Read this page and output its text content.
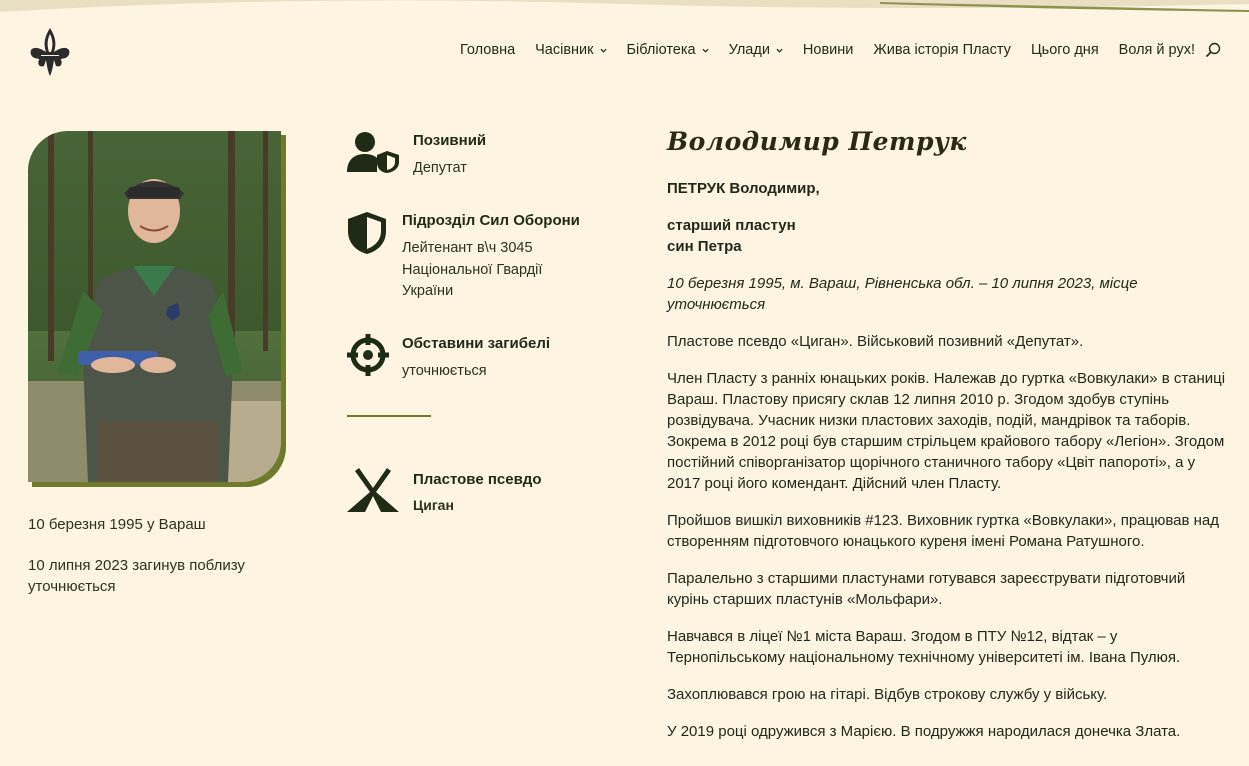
Головна Часівник Бібліотека Улади Новини Жива історія Пласту Цього дня Воля й рух!

10 березня 1995 у Вараш

10 липня 2023 загинув поблизу уточнюється

Позивний
Депутат
Підрозділ Сил Оборони
Лейтенант в\ч 3045 Національної Гвардії України
Обставини загибелі
уточнюється
Пластове псевдо
Циган
Володимир Петрук
ПЕТРУК Володимир,
старший пластун
син Петра
10 березня 1995, м. Вараш, Рівненська обл. – 10 липня 2023, місце уточнюється
Пластове псевдо «Циган». Військовий позивний «Депутат».
Член Пласту з ранніх юнацьких років. Належав до гуртка «Вовкулаки» в станиці Вараш. Пластову присягу склав 12 липня 2010 р. Згодом здобув ступінь розвідувача. Учасник низки пластових заходів, подій, мандрівок та таборів. Зокрема в 2012 році був старшим стрільцем крайового табору «Легіон». Згодом постійний співорганізатор щорічного станичного табору «Цвіт папороті», а у 2017 році його комендант. Дійсний член Пласту.
Пройшов вишкіл виховників #123. Виховник гуртка «Вовкулаки», працював над створенням підготовчого юнацького куреня імені Романа Ратушного.
Паралельно з старшими пластунами готувався зареєструвати підготовчий курінь старших пластунів «Мольфари».
Навчався в ліцеї №1 міста Вараш. Згодом в ПТУ №12, відтак – у Тернопільському національному технічному університеті ім. Івана Пулюя.
Захоплювався грою на гітарі. Відбув строкову службу у війську.
У 2019 році одружився з Марією. В подружжя народилася донечка Злата.
